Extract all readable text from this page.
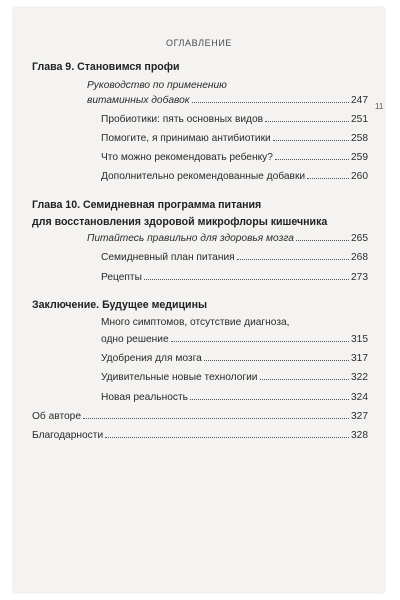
ОГЛАВЛЕНИЕ
11
Глава 9. Становимся профи
Руководство по применению
витаминных добавок	247
Пробиотики: пять основных видов	251
Помогите, я принимаю антибиотики	258
Что можно рекомендовать ребенку?	259
Дополнительно рекомендованные добавки	260
Глава 10. Семидневная программа питания
для восстановления здоровой микрофлоры кишечника
Питайтесь правильно для здоровья мозга	265
Семидневный план питания	268
Рецепты	273
Заключение. Будущее медицины
Много симптомов, отсутствие диагноза,
одно решение	315
Удобрения для мозга	317
Удивительные новые технологии	322
Новая реальность	324
Об авторе	327
Благодарности	328
